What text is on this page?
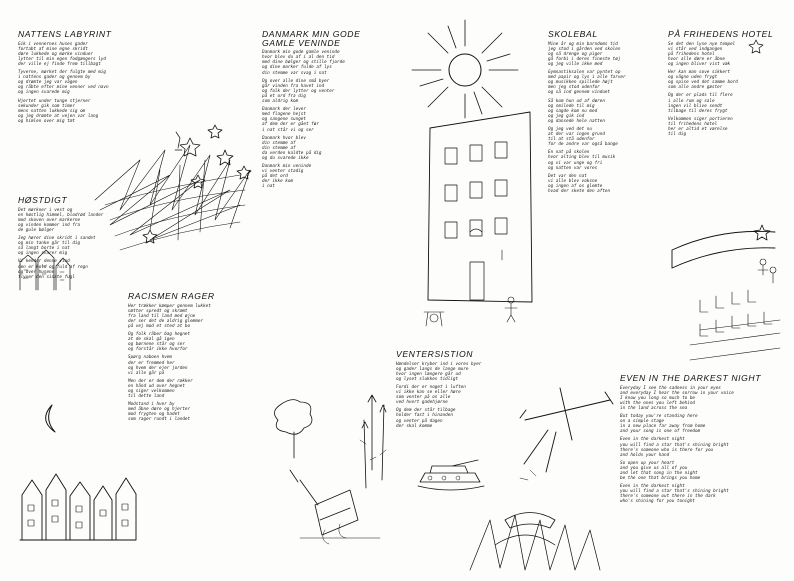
NATTENS LABYRINT
Gik i vennernes huses gader
fortabt af mine egne skridt
døre lukkede og mørke vinduer
lytter til min egen fodgængers lyd
der ville ej finde frem tillbagt
Tyverne, mørket der fulgte med mig
i nattens gader og gennem by
og drømte jeg var vågen
og råbte efter mine venner ved navn
og ingen svarede mig
Hjertet under tunge stjerner
sekunder gik som timer
mens natten lukkede sig om
og jeg drømte at vejen var lang
og himlen over mig tæt
HØSTDIGT
Det mørkner i vest og
en høstlig himmel, blodrød lander
mod skoven over markerne
og vinden kommer ind fra
de gule bølger
Jeg hører dine skridt i sandet
og min tanke går til dig
så langt borte i nat
og ingen svarer mig
Vi kender denne vind
den er kold og fuld af regn
og over husene
flyver den sidste fugl
RACISMEN RAGER
Her trækker kæmper gennem lukket
nætter spredt og skræmt
fra land til land med øjne
der ser det de aldrig glemmer
på vej mod et sted at bo
Og folk råber bag hegnet
at de skal gå igen
og børnene står og ser
og forstår ikke hvorfor
Spørg naboen hvem
der er fremmed her
og hvem der ejer jorden
vi alle går på
Men der er dem der rækker
en hånd ud over hegnet
og siger velkommen
til dette land
Modstand i hver by
med åbne døre og hjerter
mod frygten og hadet
som rager rundt i landet
DANMARK MIN GODE GAMLE VENINDE
Danmark min gode gamle veninde
hvor blev du af i al den tid
med dine bølger og stille fjorde
og dine marker fulde af lys
din stemme var svag i nat
Og over alle dine små byer
går vinden fra havet ind
og folk der lytter og venter
på et ord fra dig
som aldrig kom
Danmark der lever
med flagene hejst
og sangene sunget
af dem der er gået før
i nat står vi og ser
Danmark hvor blev
din stemme af
din stemme af
da verden kaldte på dig
og du svarede ikke
Danmark min veninde
vi venter stadig
på det ord
der ikke kom
i nat
VENTERSISTION
Hændelser kryber ind i vores byer
og gader langs de lange mure
hvor ingen længere går ud
og lyset slukkes tidligt
Fordi der er noget i luften
vi ikke kan se eller høre
som venter på os alle
ved hvert gadehjørne
Og dem der står tilbage
holder fast i hinanden
og venter på dagen
der skal komme
SKOLEBAL
Mine år og min barndoms tid
jeg stod i gården ved skolen
og så drenge og piger
gå forbi i deres fineste tøj
og jeg ville ikke med
Gymnastiksalen var pyntet op
med papir og lys i alle farver
og musikken spillede højt
men jeg stod udenfor
og så ind gennem vinduet
Så kom hun ud af døren
og smilede til mig
og sagde kom nu med
og jeg gik ind
og dansede hele natten
Og jeg ved det nu
at der var ingen grund
til at stå udenfor
for de andre var også bange
En nat på skolen
hvor alting blev til musik
og vi var unge og fri
og natten var vores
Det var den nat
vi alle blev voksne
og ingen af os glemte
hvad der skete den aften
PÅ FRIHEDENS HOTEL
Se det den lyse nye tempel
vi står ved indgangen
på frihedens hotel
hvor alle døre er åbne
og ingen bliver vist væk
Her kan man sove sikkert
og vågne uden frygt
og spise ved det samme bord
som alle andre gæster
Og der er plads til flere
i alle rum og sale
ingen vil blive sendt
tilbage til deres frygt
Velkommen siger portieren
til frihedens hotel
her er altid et værelse
til dig
EVEN IN THE DARKEST NIGHT
Everyday I see the sadness in your eyes
and everyday I hear the sorrow in your voice
I know you long so much to be
with the ones you left behind
in the land across the sea
But today you're standing here
on a simple stage
in a new place far away from home
and your song is one of freedom
Even in the darkest night
you will find a star that's shining bright
there's someone who is there for you
and holds your hand
So open up your heart
and you give us all of you
and let that song in the night
be the one that brings you home
Even in the darkest night
you will find a star that's shining bright
there's someone out there in the dark
who's shining for you tonight
